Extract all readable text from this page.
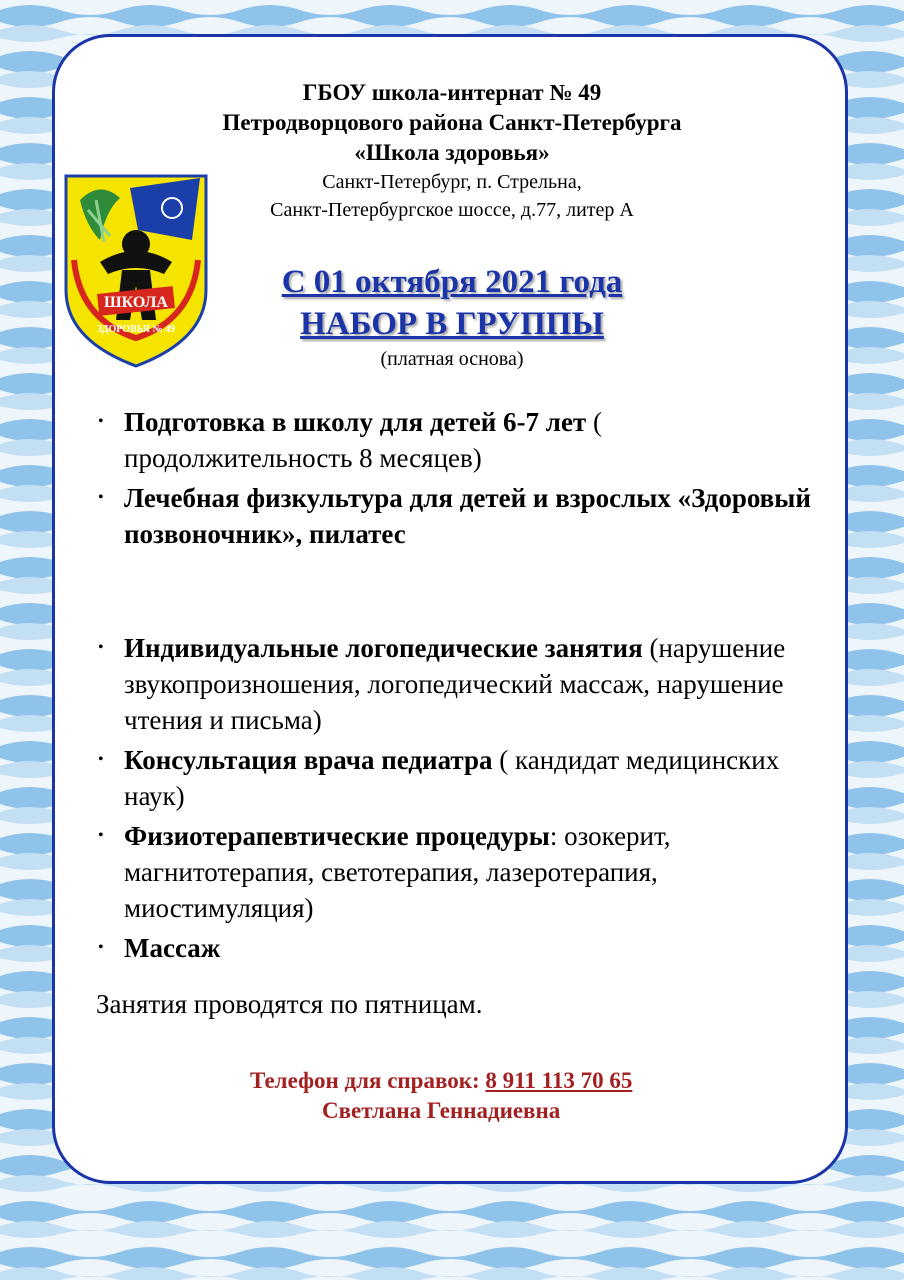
ШКОЛА
ЗДОРОВЬЯ № 49
ГБОУ школа-интернат № 49
Петродворцового района Санкт-Петербурга
«Школа здоровья»
Санкт-Петербург, п. Стрельна,
Санкт-Петербургское шоссе, д.77, литер А
С 01 октября 2021 года
НАБОР В ГРУППЫ
(платная основа)
• Подготовка в школу для детей 6-7 лет ( продолжительность 8 месяцев)
• Лечебная физкультура для детей и взрослых «Здоровый позвоночник», пилатес
• Индивидуальные логопедические занятия (нарушение звукопроизношения, логопедический массаж, нарушение чтения и письма)
• Консультация врача педиатра ( кандидат медицинских наук)
• Физиотерапевтические процедуры: озокерит, магнитотерапия, светотерапия, лазеротерапия, миостимуляция)
• Массаж
Занятия проводятся по пятницам.
Телефон для справок: 8 911 113 70 65
Светлана Геннадиевна
